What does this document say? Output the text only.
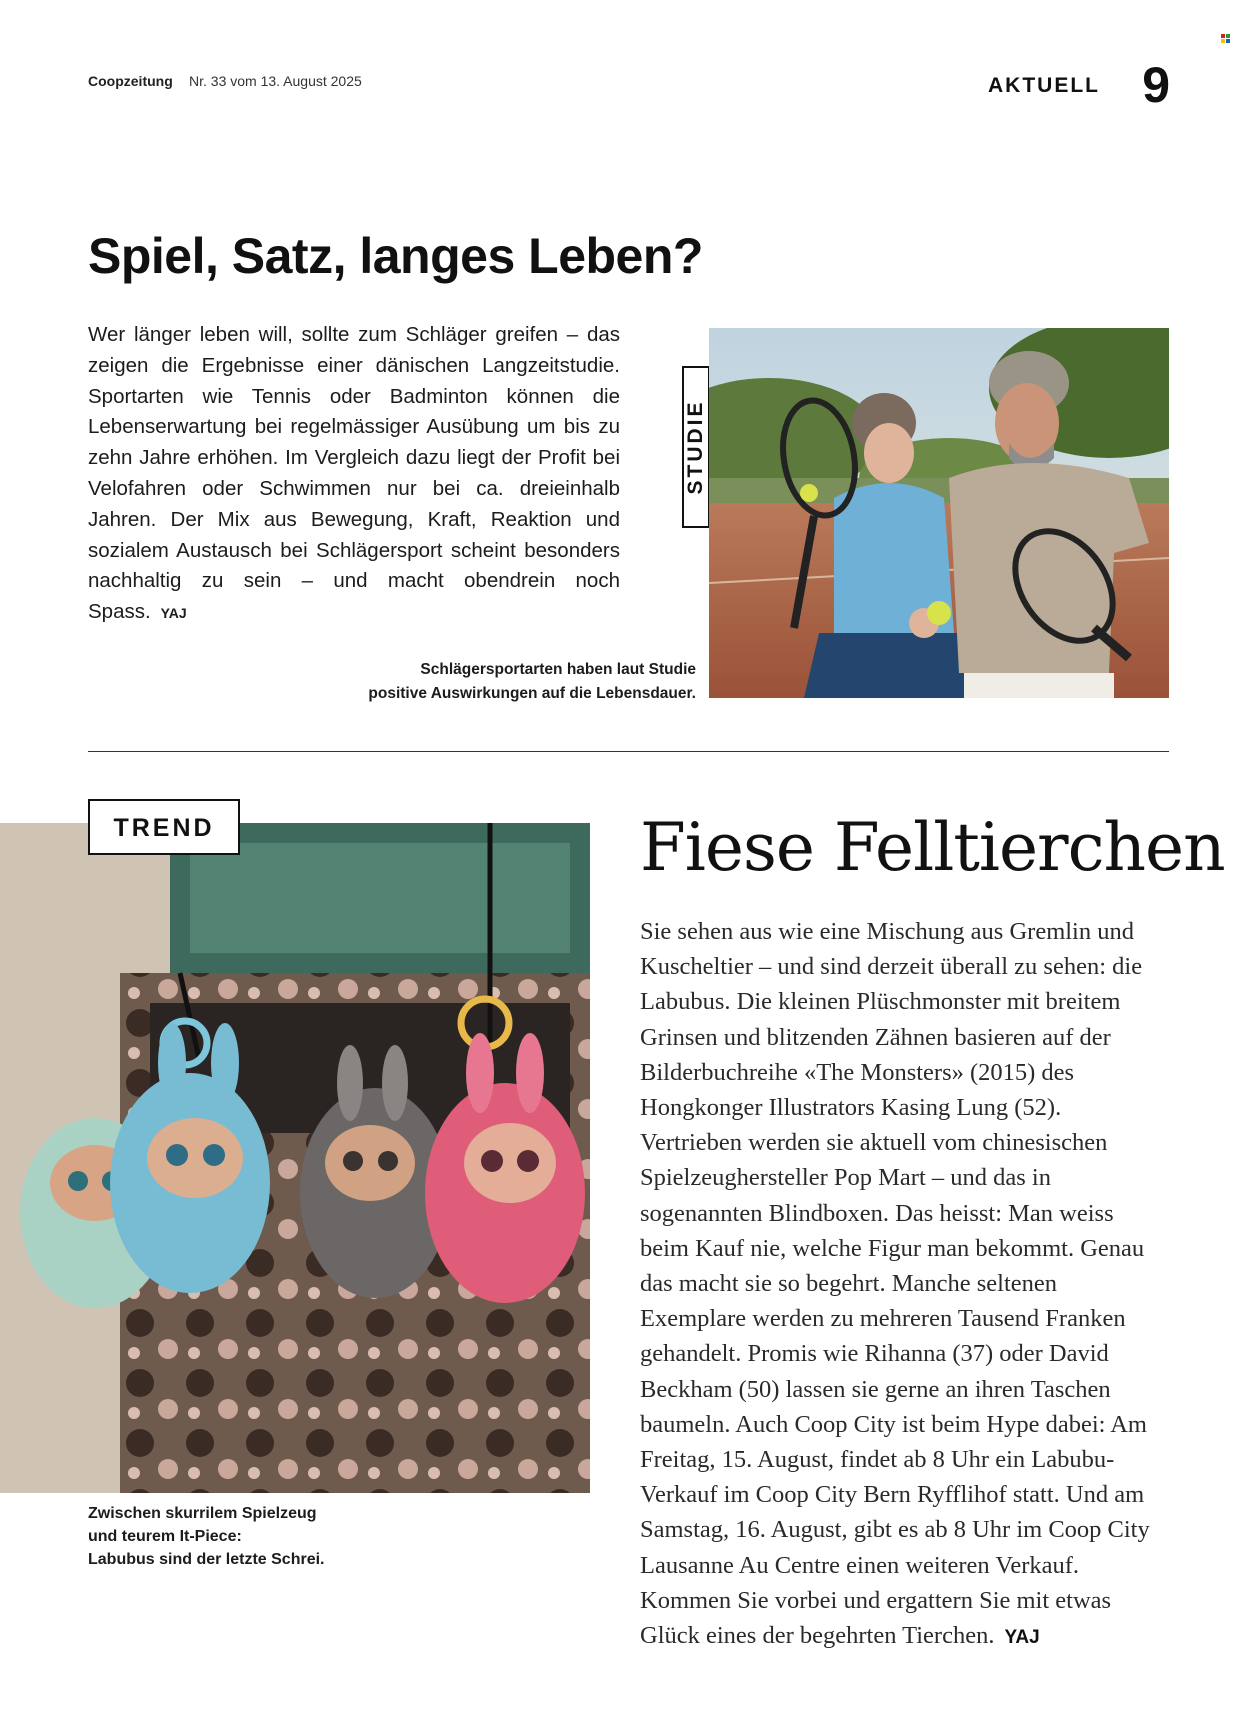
Coopzeitung Nr. 33 vom 13. August 2025	AKTUELL 9
Spiel, Satz, langes Leben?
Wer länger leben will, sollte zum Schläger greifen – das zeigen die Ergebnisse einer dänischen Langzeitstudie. Sportarten wie Tennis oder Badminton können die Lebenserwartung bei regelmässiger Ausübung um bis zu zehn Jahre erhöhen. Im Vergleich dazu liegt der Profit bei Velofahren oder Schwimmen nur bei ca. dreieinhalb Jahren. Der Mix aus Bewegung, Kraft, Reaktion und sozialem Austausch bei Schlägersport scheint besonders nachhaltig zu sein – und macht obendrein noch Spass. YAJ
STUDIE
Schlägersportarten haben laut Studie
positive Auswirkungen auf die Lebensdauer.
TREND
Zwischen skurrilem Spielzeug
und teurem It-Piece:
Labubus sind der letzte Schrei.
Fiese Felltierchen
Sie sehen aus wie eine Mischung aus Gremlin und Kuscheltier – und sind derzeit überall zu sehen: die Labubus. Die kleinen Plüschmonster mit breitem Grinsen und blitzenden Zähnen basieren auf der Bilderbuchreihe «The Monsters» (2015) des Hongkonger Illustrators Kasing Lung (52). Vertrieben werden sie aktuell vom chinesischen Spielzeughersteller Pop Mart – und das in sogenannten Blindboxen. Das heisst: Man weiss beim Kauf nie, welche Figur man bekommt. Genau das macht sie so begehrt. Manche seltenen Exemplare werden zu mehreren Tausend Franken gehandelt. Promis wie Rihanna (37) oder David Beckham (50) lassen sie gerne an ihren Taschen baumeln. Auch Coop City ist beim Hype dabei: Am Freitag, 15. August, findet ab 8 Uhr ein Labubu-Verkauf im Coop City Bern Ryfflihof statt. Und am Samstag, 16. August, gibt es ab 8 Uhr im Coop City Lausanne Au Centre einen weiteren Verkauf. Kommen Sie vorbei und ergattern Sie mit etwas Glück eines der begehrten Tierchen. YAJ
